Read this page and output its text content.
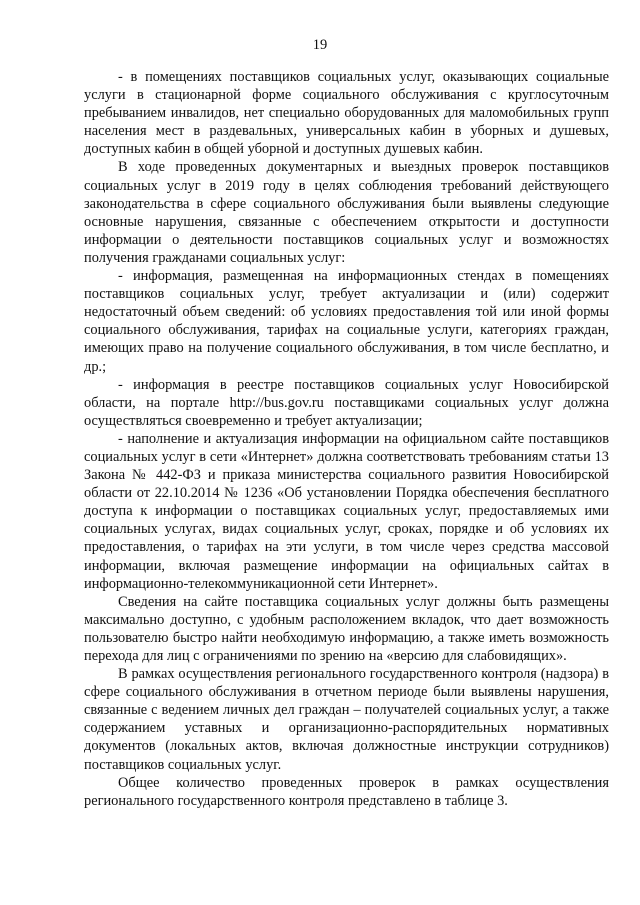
19

- в помещениях поставщиков социальных услуг, оказывающих социальные услуги в стационарной форме социального обслуживания с круглосуточным пребыванием инвалидов, нет специально оборудованных для маломобильных групп населения мест в раздевальных, универсальных кабин в уборных и душевых, доступных кабин в общей уборной и доступных душевых кабин.

В ходе проведенных документарных и выездных проверок поставщиков социальных услуг в 2019 году в целях соблюдения требований действующего законодательства в сфере социального обслуживания были выявлены следующие основные нарушения, связанные с обеспечением открытости и доступности информации о деятельности поставщиков социальных услуг и возможностях получения гражданами социальных услуг:

- информация, размещенная на информационных стендах в помещениях поставщиков социальных услуг, требует актуализации и (или) содержит недостаточный объем сведений: об условиях предоставления той или иной формы социального обслуживания, тарифах на социальные услуги, категориях граждан, имеющих право на получение социального обслуживания, в том числе бесплатно, и др.;

- информация в реестре поставщиков социальных услуг Новосибирской области, на портале http://bus.gov.ru поставщиками социальных услуг должна осуществляться своевременно и требует актуализации;

- наполнение и актуализация информации на официальном сайте поставщиков социальных услуг в сети «Интернет» должна соответствовать требованиям статьи 13 Закона № 442-ФЗ и приказа министерства социального развития Новосибирской области от 22.10.2014 № 1236 «Об установлении Порядка обеспечения бесплатного доступа к информации о поставщиках социальных услуг, предоставляемых ими социальных услугах, видах социальных услуг, сроках, порядке и об условиях их предоставления, о тарифах на эти услуги, в том числе через средства массовой информации, включая размещение информации на официальных сайтах в информационно-телекоммуникационной сети Интернет».

Сведения на сайте поставщика социальных услуг должны быть размещены максимально доступно, с удобным расположением вкладок, что дает возможность пользователю быстро найти необходимую информацию, а также иметь возможность перехода для лиц с ограничениями по зрению на «версию для слабовидящих».

В рамках осуществления регионального государственного контроля (надзора) в сфере социального обслуживания в отчетном периоде были выявлены нарушения, связанные с ведением личных дел граждан – получателей социальных услуг, а также содержанием уставных и организационно-распорядительных нормативных документов (локальных актов, включая должностные инструкции сотрудников) поставщиков социальных услуг.

Общее количество проведенных проверок в рамках осуществления регионального государственного контроля представлено в таблице 3.
